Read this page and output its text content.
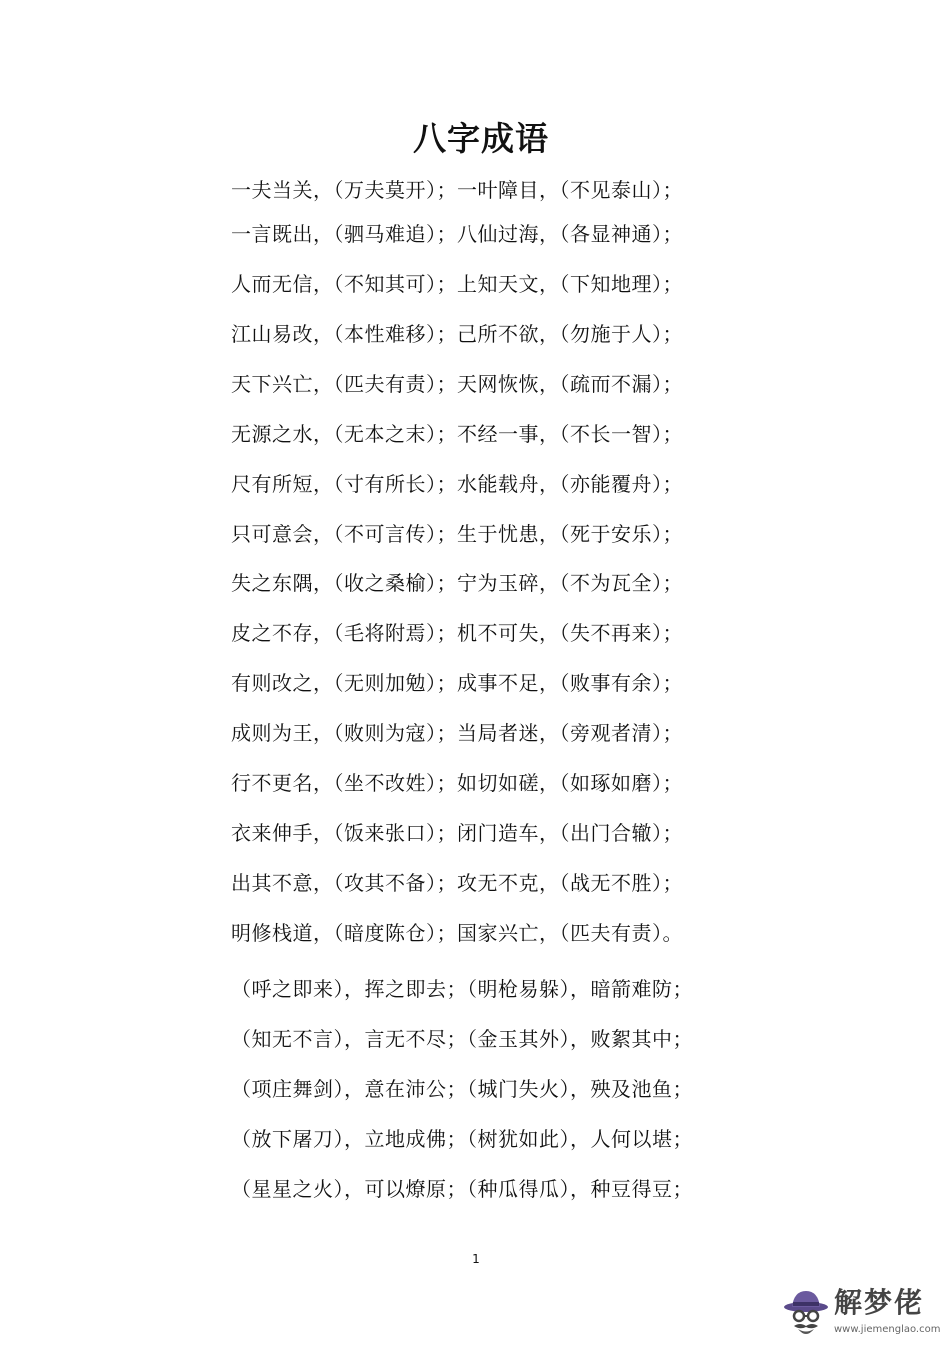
八字成语
一夫当关，（万夫莫开）；一叶障目，（不见泰山）；
一言既出，（驷马难追）；八仙过海，（各显神通）；
人而无信，（不知其可）；上知天文，（下知地理）；
江山易改，（本性难移）；己所不欲，（勿施于人）；
天下兴亡，（匹夫有责）；天网恢恢，（疏而不漏）；
无源之水，（无本之末）；不经一事，（不长一智）；
尺有所短，（寸有所长）；水能载舟，（亦能覆舟）；
只可意会，（不可言传）；生于忧患，（死于安乐）；
失之东隅，（收之桑榆）；宁为玉碎，（不为瓦全）；
皮之不存，（毛将附焉）；机不可失，（失不再来）；
有则改之，（无则加勉）；成事不足，（败事有余）；
成则为王，（败则为寇）；当局者迷，（旁观者清）；
行不更名，（坐不改姓）；如切如磋，（如琢如磨）；
衣来伸手，（饭来张口）；闭门造车，（出门合辙）；
出其不意，（攻其不备）；攻无不克，（战无不胜）；
明修栈道，（暗度陈仓）；国家兴亡，（匹夫有责）。
（呼之即来），挥之即去；（明枪易躲），暗箭难防；
（知无不言），言无不尽；（金玉其外），败絮其中；
（项庄舞剑），意在沛公；（城门失火），殃及池鱼；
（放下屠刀），立地成佛；（树犹如此），人何以堪；
（星星之火），可以燎原；（种瓜得瓜），种豆得豆；
1
解梦佬
www.jiemenglao.com
